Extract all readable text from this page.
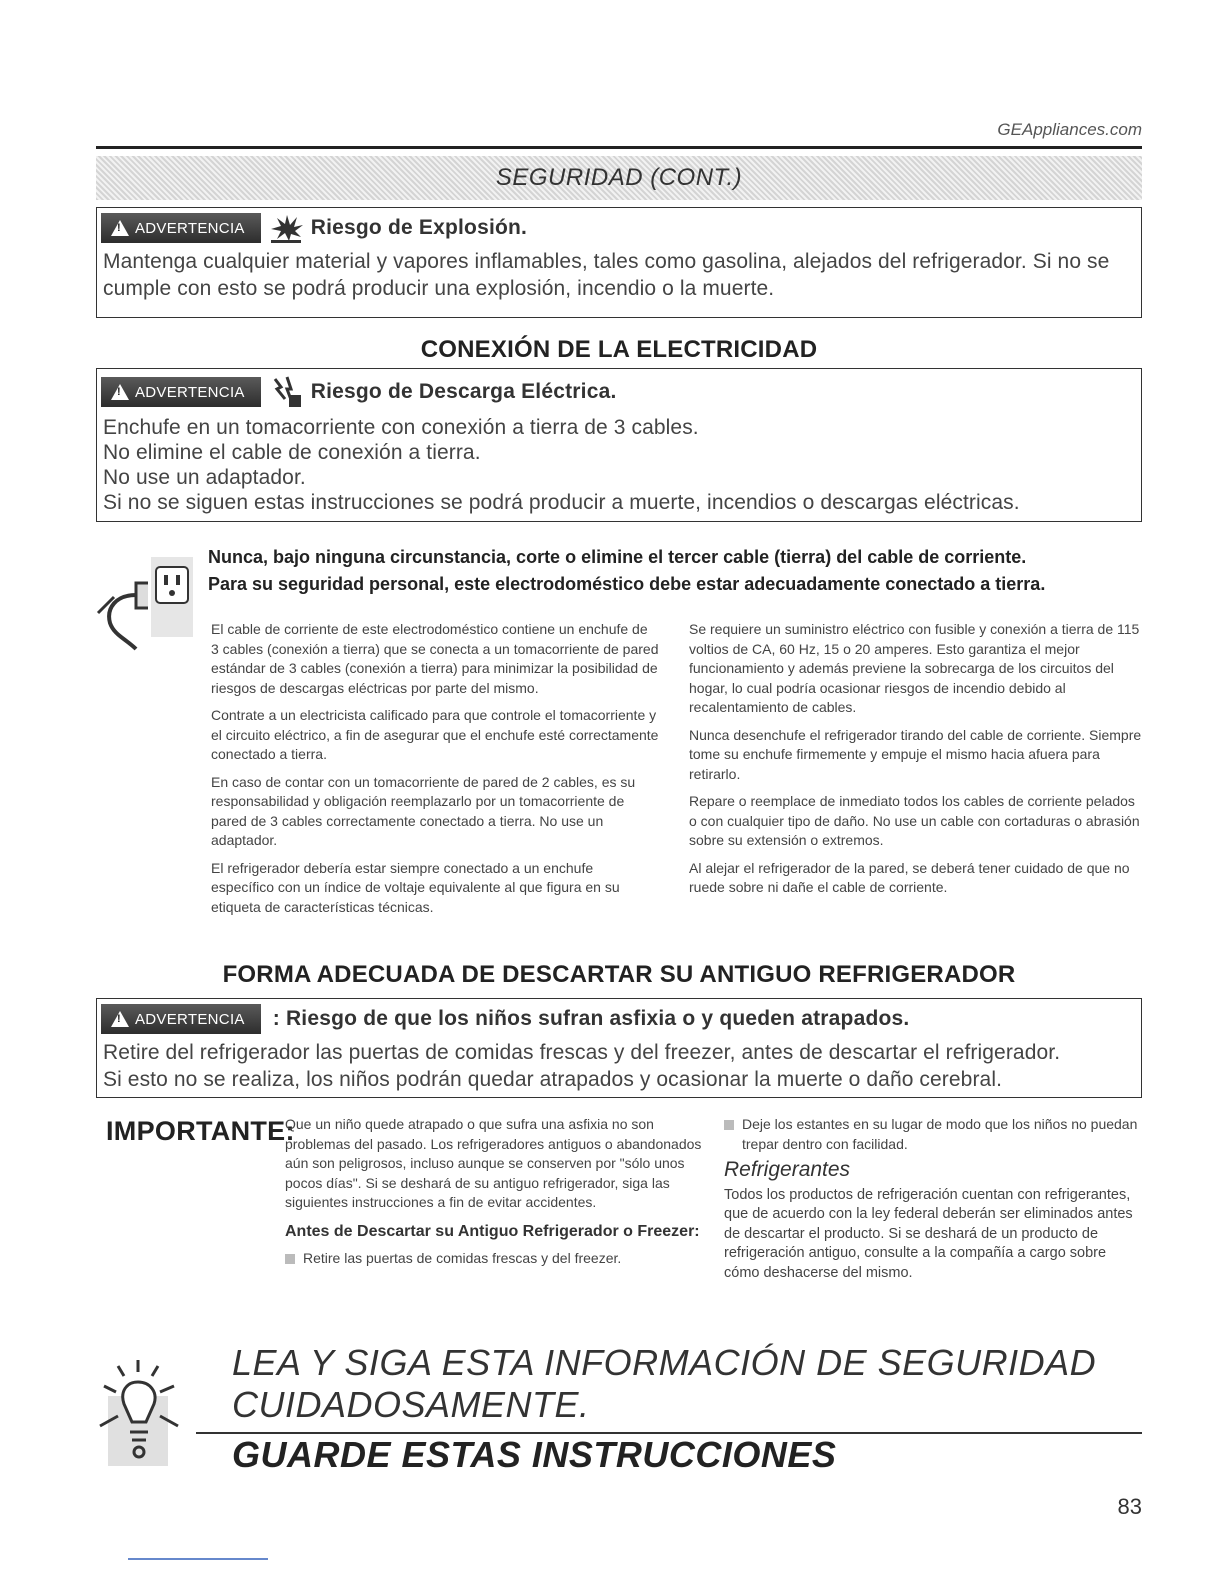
GEAppliances.com
SEGURIDAD (CONT.)
!
ADVERTENCIA	Riesgo de Explosión.
Mantenga cualquier material y vapores inflamables, tales como gasolina, alejados del refrigerador. Si no se cumple con esto se podrá producir una explosión, incendio o la muerte.
CONEXIÓN DE LA ELECTRICIDAD
!
ADVERTENCIA	Riesgo de Descarga Eléctrica.
Enchufe en un tomacorriente con conexión a tierra de 3 cables.
No elimine el cable de conexión a tierra.
No use un adaptador.
Si no se siguen estas instrucciones se podrá producir a muerte, incendios o descargas eléctricas.
Nunca, bajo ninguna circunstancia, corte o elimine el tercer cable (tierra) del cable de corriente.
Para su seguridad personal, este electrodoméstico debe estar adecuadamente conectado a tierra.

El cable de corriente de este electrodoméstico contiene un enchufe de 3 cables (conexión a tierra) que se conecta a un tomacorriente de pared estándar de 3 cables (conexión a tierra) para minimizar la posibilidad de riesgos de descargas eléctricas por parte del mismo.

Contrate a un electricista calificado para que controle el tomacorriente y el circuito eléctrico, a fin de asegurar que el enchufe esté correctamente conectado a tierra.

En caso de contar con un tomacorriente de pared de 2 cables, es su responsabilidad y obligación reemplazarlo por un tomacorriente de pared de 3 cables correctamente conectado a tierra. No use un adaptador.

El refrigerador debería estar siempre conectado a un enchufe específico con un índice de voltaje equivalente al que figura en su etiqueta de características técnicas.

Se requiere un suministro eléctrico con fusible y conexión a tierra de 115 voltios de CA, 60 Hz, 15 o 20 amperes. Esto garantiza el mejor funcionamiento y además previene la sobrecarga de los circuitos del hogar, lo cual podría ocasionar riesgos de incendio debido al recalentamiento de cables.

Nunca desenchufe el refrigerador tirando del cable de corriente. Siempre tome su enchufe firmemente y empuje el mismo hacia afuera para retirarlo.

Repare o reemplace de inmediato todos los cables de corriente pelados o con cualquier tipo de daño. No use un cable con cortaduras o abrasión sobre su extensión o extremos.

Al alejar el refrigerador de la pared, se deberá tener cuidado de que no ruede sobre ni dañe el cable de corriente.

FORMA ADECUADA DE DESCARTAR SU ANTIGUO REFRIGERADOR
!
ADVERTENCIA : Riesgo de que los niños sufran asfixia o y queden atrapados.
Retire del refrigerador las puertas de comidas frescas y del freezer, antes de descartar el refrigerador.
Si esto no se realiza, los niños podrán quedar atrapados y ocasionar la muerte o daño cerebral.
IMPORTANTE:

Que un niño quede atrapado o que sufra una asfixia no son problemas del pasado. Los refrigeradores antiguos o abandonados aún son peligrosos, incluso aunque se conserven por "sólo unos pocos días". Si se deshará de su antiguo refrigerador, siga las siguientes instrucciones a fin de evitar accidentes.

Antes de Descartar su Antiguo Refrigerador o Freezer:
Retire las puertas de comidas frescas y del freezer.
Deje los estantes en su lugar de modo que los niños no puedan trepar dentro con facilidad.
Refrigerantes

Todos los productos de refrigeración cuentan con refrigerantes, que de acuerdo con la ley federal deberán ser eliminados antes de descartar el producto. Si se deshará de un producto de refrigeración antiguo, consulte a la compañía a cargo sobre cómo deshacerse del mismo.

LEA Y SIGA ESTA INFORMACIÓN DE SEGURIDAD
CUIDADOSAMENTE.
GUARDE ESTAS INSTRUCCIONES
83
